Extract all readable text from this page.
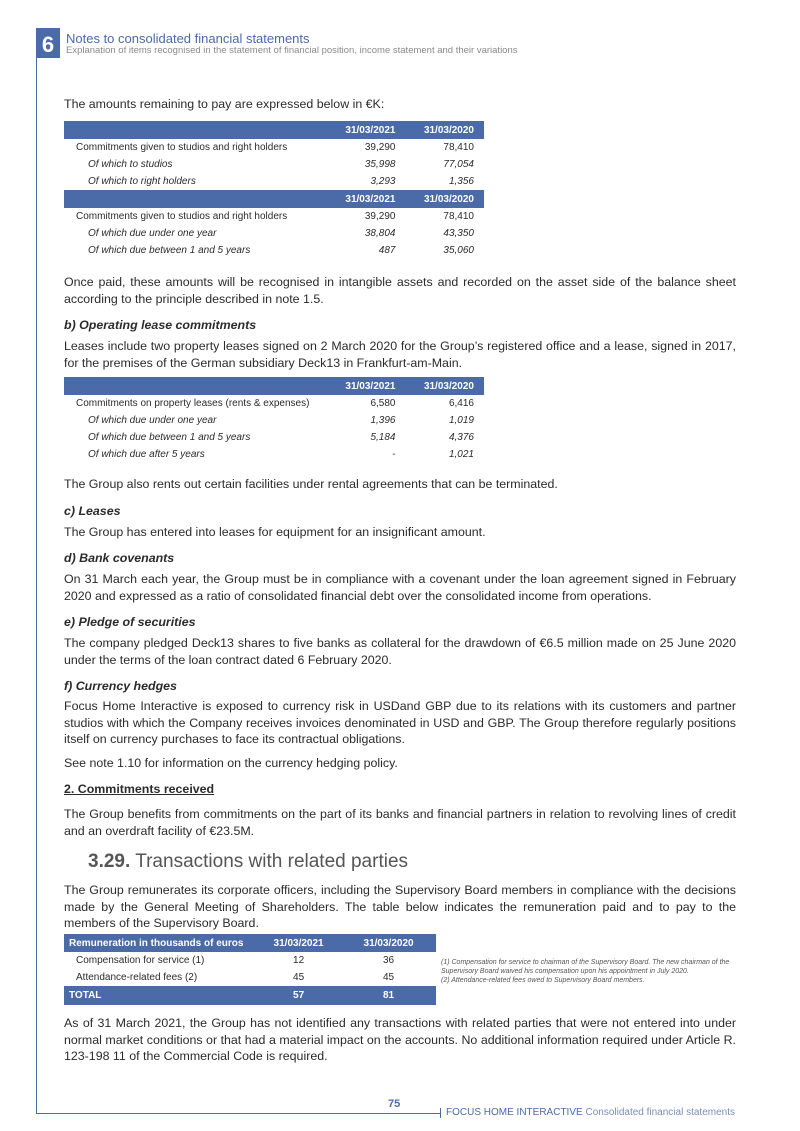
6 Notes to consolidated financial statements
Explanation of items recognised in the statement of financial position, income statement and their variations

The amounts remaining to pay are expressed below in €K:

	31/03/2021	31/03/2020
Commitments given to studios and right holders	39,290	78,410
Of which to studios	35,998	77,054
Of which to right holders	3,293	1,356
	31/03/2021	31/03/2020
Commitments given to studios and right holders	39,290	78,410
Of which due under one year	38,804	43,350
Of which due between 1 and 5 years	487	35,060

Once paid, these amounts will be recognised in intangible assets and recorded on the asset side of the balance sheet according to the principle described in note 1.5.

b) Operating lease commitments

Leases include two property leases signed on 2 March 2020 for the Group’s registered office and a lease, signed in 2017, for the premises of the German subsidiary Deck13 in Frankfurt-am-Main.

	31/03/2021	31/03/2020
Commitments on property leases (rents & expenses)	6,580	6,416
Of which due under one year	1,396	1,019
Of which due between 1 and 5 years	5,184	4,376
Of which due after 5 years	-	1,021

The Group also rents out certain facilities under rental agreements that can be terminated.

c) Leases

The Group has entered into leases for equipment for an insignificant amount.

d) Bank covenants

On 31 March each year, the Group must be in compliance with a covenant under the loan agreement signed in February 2020 and expressed as a ratio of consolidated financial debt over the consolidated income from operations.

e) Pledge of securities

The company pledged Deck13 shares to five banks as collateral for the drawdown of €6.5 million made on 25 June 2020 under the terms of the loan contract dated 6 February 2020.

f) Currency hedges

Focus Home Interactive is exposed to currency risk in USDand GBP due to its relations with its customers and partner studios with which the Company receives invoices denominated in USD and GBP. The Group therefore regularly positions itself on currency purchases to face its contractual obligations.

See note 1.10 for information on the currency hedging policy.

2. Commitments received

The Group benefits from commitments on the part of its banks and financial partners in relation to revolving lines of credit and an overdraft facility of €23.5M.

3.29. Transactions with related parties

The Group remunerates its corporate officers, including the Supervisory Board members in compliance with the decisions made by the General Meeting of Shareholders. The table below indicates the remuneration paid and to pay to the members of the Supervisory Board.

Remuneration in thousands of euros	31/03/2021	31/03/2020
Compensation for service (1)	12	36
Attendance-related fees (2)	45	45
TOTAL	57	81
(1) Compensation for service to chairman of the Supervisory Board. The new chairman of the Supervisory Board waived his compensation upon his appointment in July 2020.
(2) Attendance-related fees owed to Supervisory Board members.

As of 31 March 2021, the Group has not identified any transactions with related parties that were not entered into under normal market conditions or that had a material impact on the accounts. No additional information required under Article R. 123-198 11 of the Commercial Code is required.

75
FOCUS HOME INTERACTIVE Consolidated financial statements
